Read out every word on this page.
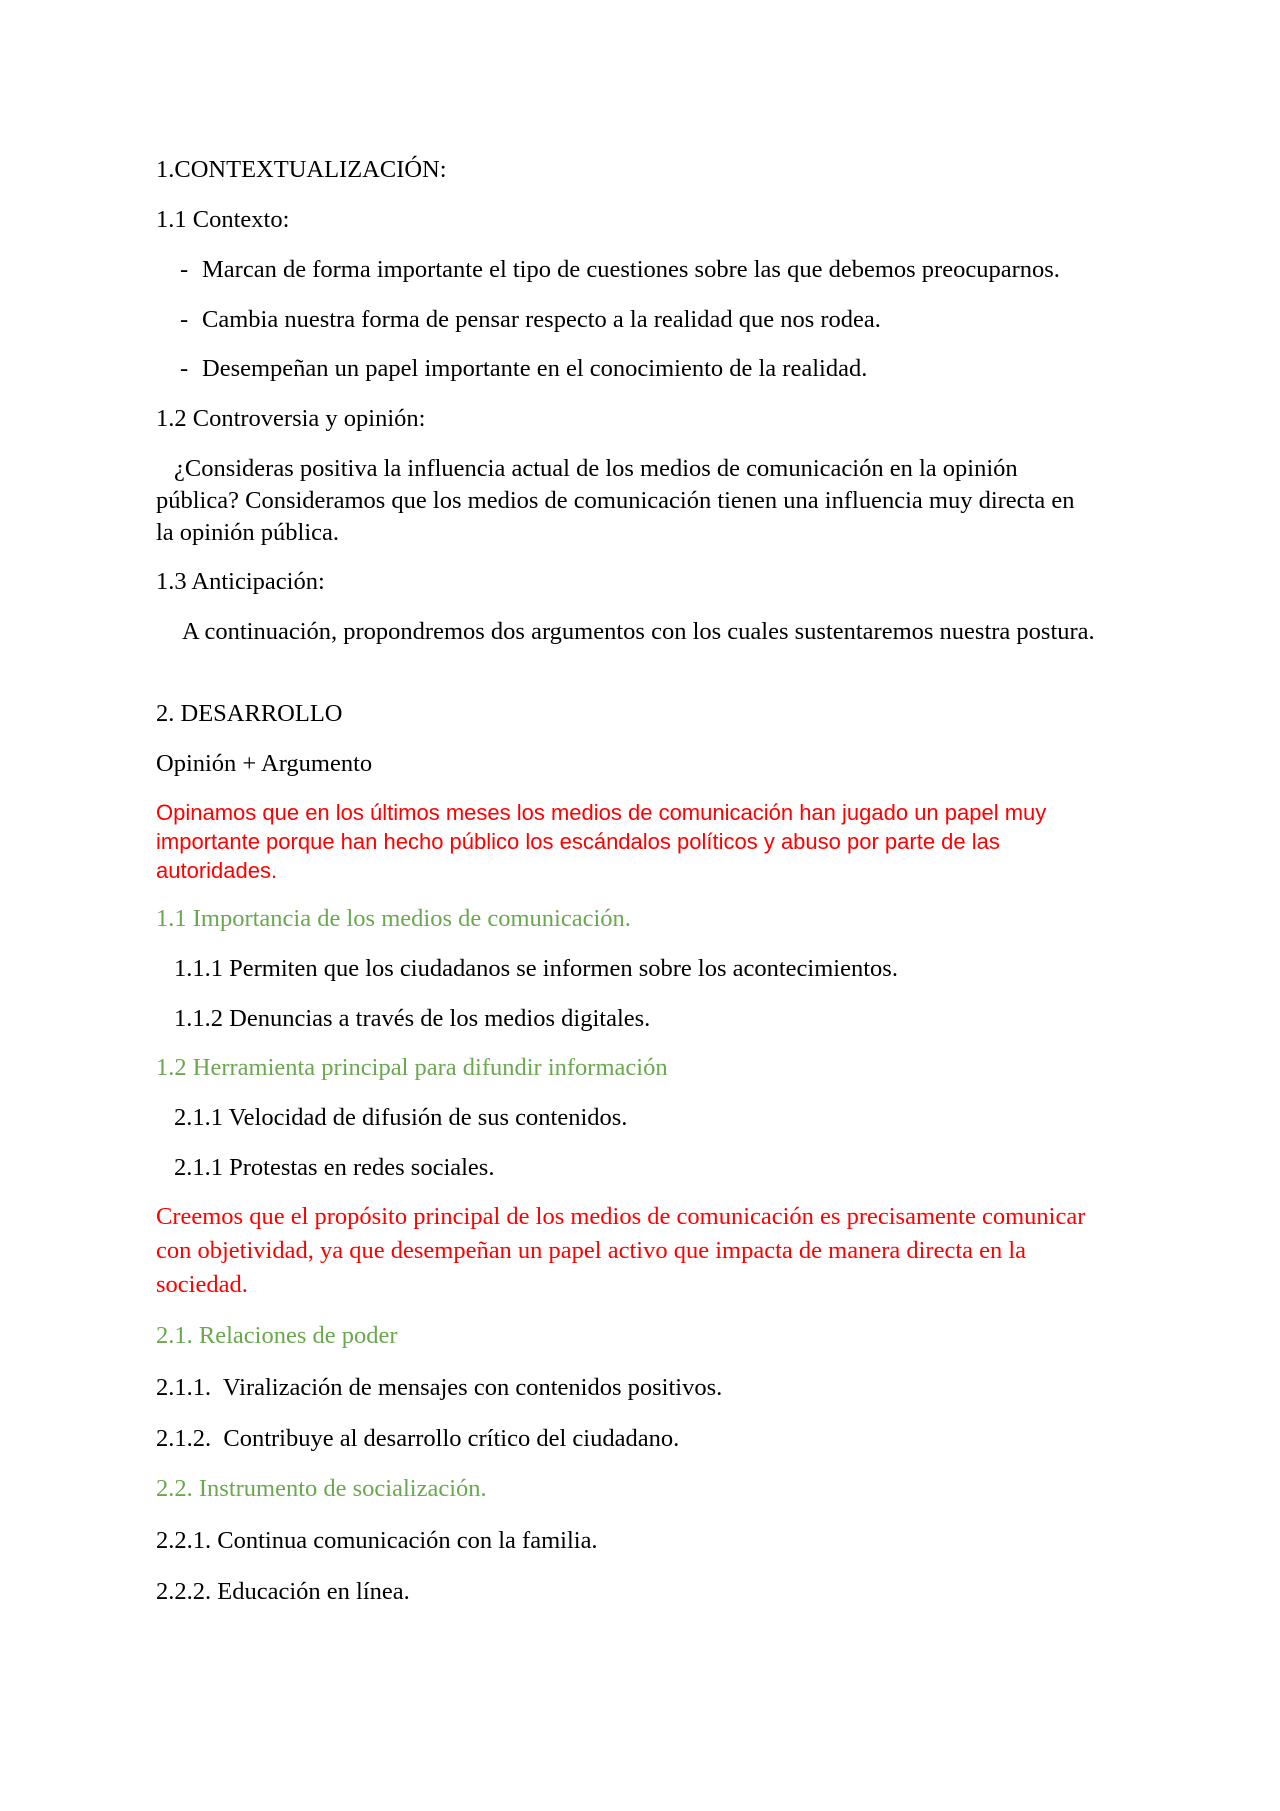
1.CONTEXTUALIZACIÓN:

1.1 Contexto:

- Marcan de forma importante el tipo de cuestiones sobre las que debemos preocuparnos.

- Cambia nuestra forma de pensar respecto a la realidad que nos rodea.

- Desempeñan un papel importante en el conocimiento de la realidad.

1.2 Controversia y opinión:

¿Consideras positiva la influencia actual de los medios de comunicación en la opinión pública? Consideramos que los medios de comunicación tienen una influencia muy directa en la opinión pública.

1.3 Anticipación:

A continuación, propondremos dos argumentos con los cuales sustentaremos nuestra postura.

2. DESARROLLO

Opinión + Argumento

Opinamos que en los últimos meses los medios de comunicación han jugado un papel muy importante porque han hecho público los escándalos políticos y abuso por parte de las autoridades.

1.1 Importancia de los medios de comunicación.

1.1.1 Permiten que los ciudadanos se informen sobre los acontecimientos.

1.1.2 Denuncias a través de los medios digitales.

1.2 Herramienta principal para difundir información

2.1.1 Velocidad de difusión de sus contenidos.

2.1.1 Protestas en redes sociales.

Creemos que el propósito principal de los medios de comunicación es precisamente comunicar con objetividad, ya que desempeñan un papel activo que impacta de manera directa en la sociedad.

2.1. Relaciones de poder

2.1.1.  Viralización de mensajes con contenidos positivos.

2.1.2.  Contribuye al desarrollo crítico del ciudadano.

2.2. Instrumento de socialización.

2.2.1. Continua comunicación con la familia.

2.2.2. Educación en línea.
